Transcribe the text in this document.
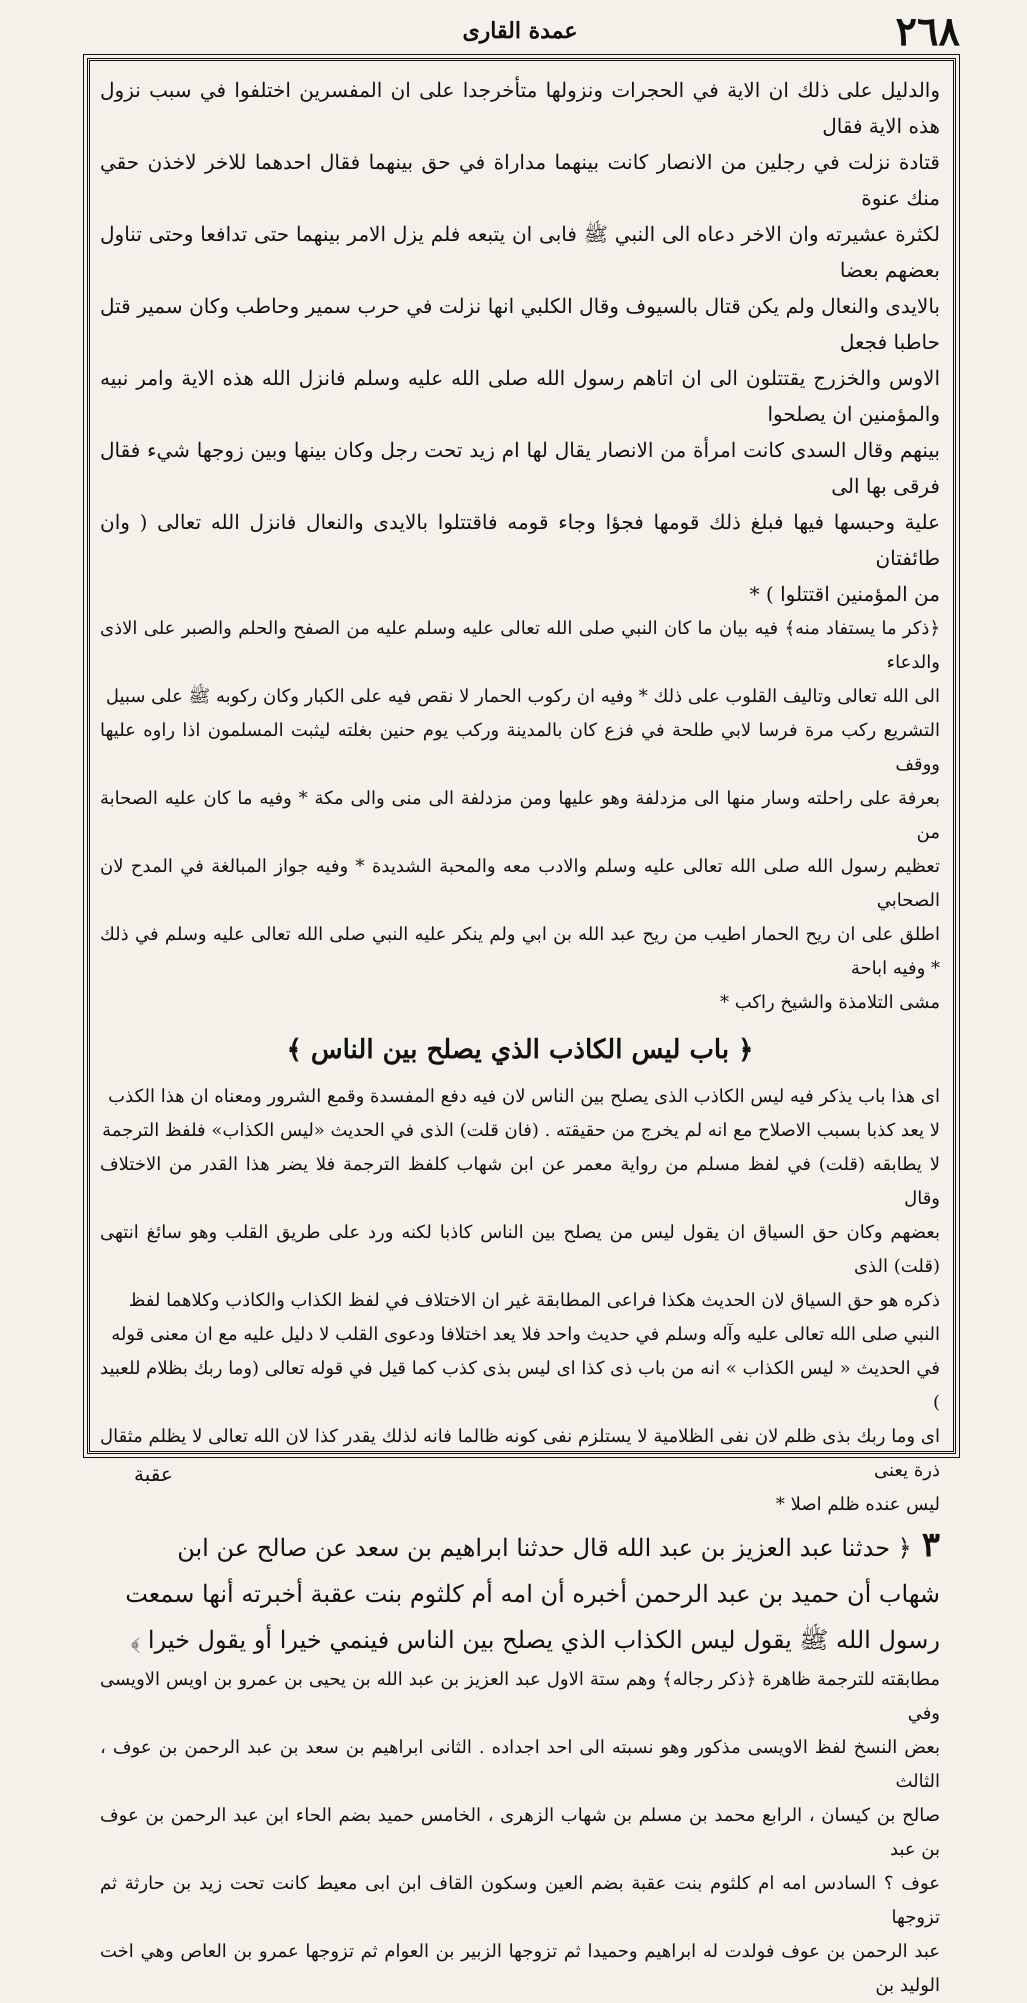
٢٦٨
عمدة القاری

والدليل على ذلك ان الاية في الحجرات ونزولها متأخرجدا على ان المفسرين اختلفوا في سبب نزول هذه الاية فقال

قتادة نزلت في رجلين من الانصار كانت بينهما مداراة في حق بينهما فقال احدهما للاخر لاخذن حقي منك عنوة

لكثرة عشيرته وان الاخر دعاه الى النبي ﷺ فابى ان يتبعه فلم يزل الامر بينهما حتى تدافعا وحتى تناول بعضهم بعضا

بالايدى والنعال ولم يكن قتال بالسيوف وقال الكلبي انها نزلت في حرب سمير وحاطب وكان سمير قتل حاطبا فجعل

الاوس والخزرج يقتتلون الى ان اتاهم رسول الله صلى الله عليه وسلم فانزل الله هذه الاية وامر نبيه والمؤمنين ان يصلحوا

بينهم وقال السدى كانت امرأة من الانصار يقال لها ام زيد تحت رجل وكان بينها وبين زوجها شيء فقال فرقى بها الى

علية وحبسها فيها فبلغ ذلك قومها فجؤا وجاء قومه فاقتتلوا بالايدى والنعال فانزل الله تعالى ( وان طائفتان

من المؤمنين اقتتلوا ) *

﴿ذكر ما يستفاد منه﴾ فيه بيان ما كان النبي صلى الله تعالى عليه وسلم عليه من الصفح والحلم والصبر على الاذى والدعاء

الى الله تعالى وتاليف القلوب على ذلك * وفيه ان ركوب الحمار لا نقص فيه على الكبار وكان ركوبه ﷺ على سبيل

التشريع ركب مرة فرسا لابي طلحة في فزع كان بالمدينة وركب يوم حنين بغلته ليثبت المسلمون اذا راوه عليها ووقف

بعرفة على راحلته وسار منها الى مزدلفة وهو عليها ومن مزدلفة الى منى والى مكة * وفيه ما كان عليه الصحابة من

تعظيم رسول الله صلى الله تعالى عليه وسلم والادب معه والمحبة الشديدة * وفيه جواز المبالغة في المدح لان الصحابي

اطلق على ان ريح الحمار اطيب من ريح عبد الله بن ابي ولم ينكر عليه النبي صلى الله تعالى عليه وسلم في ذلك * وفيه اباحة

مشى التلامذة والشيخ راكب *

﴿ باب ليس الكاذب الذي يصلح بين الناس ﴾

اى هذا باب يذكر فيه ليس الكاذب الذى يصلح بين الناس لان فيه دفع المفسدة وقمع الشرور ومعناه ان هذا الكذب

لا يعد كذبا بسبب الاصلاح مع انه لم يخرج من حقيقته . (فان قلت) الذى في الحديث «ليس الكذاب» فلفظ الترجمة

لا يطابقه (قلت) في لفظ مسلم من رواية معمر عن ابن شهاب كلفظ الترجمة فلا يضر هذا القدر من الاختلاف وقال

بعضهم وكان حق السياق ان يقول ليس من يصلح بين الناس كاذبا لكنه ورد على طريق القلب وهو سائغ انتهى (قلت) الذى

ذكره هو حق السياق لان الحديث هكذا فراعى المطابقة غير ان الاختلاف في لفظ الكذاب والكاذب وكلاهما لفظ

النبي صلى الله تعالى عليه وآله وسلم في حديث واحد فلا يعد اختلافا ودعوى القلب لا دليل عليه مع ان معنى قوله

في الحديث « ليس الكذاب » انه من باب ذى كذا اى ليس بذى كذب كما قيل في قوله تعالى (وما ربك بظلام للعبيد )

اى وما ربك بذى ظلم لان نفى الظلامية لا يستلزم نفى كونه ظالما فانه لذلك يقدر كذا لان الله تعالى لا يظلم مثقال ذرة يعنى

ليس عنده ظلم اصلا *

٣﴿ حدثنا عبد العزيز بن عبد الله قال حدثنا ابراهيم بن سعد عن صالح عن ابن

شهاب أن حميد بن عبد الرحمن أخبره أن امه أم كلثوم بنت عقبة أخبرته أنها سمعت

رسول الله ﷺ يقول ليس الكذاب الذي يصلح بين الناس فينمي خيرا أو يقول خيرا ﴾

مطابقته للترجمة ظاهرة ﴿ذكر رجاله﴾ وهم ستة الاول عبد العزيز بن عبد الله بن يحيى بن عمرو بن اويس الاويسى وفي

بعض النسخ لفظ الاويسى مذكور وهو نسبته الى احد اجداده . الثانى ابراهيم بن سعد بن عبد الرحمن بن عوف ، الثالث

صالح بن كيسان ، الرابع محمد بن مسلم بن شهاب الزهرى ، الخامس حميد بضم الحاء ابن عبد الرحمن بن عوف بن عبد

عوف ؟ السادس امه ام كلثوم بنت عقبة بضم العين وسكون القاف ابن ابى معيط كانت تحت زيد بن حارثة ثم تزوجها

عبد الرحمن بن عوف فولدت له ابراهيم وحميدا ثم تزوجها الزبير بن العوام ثم تزوجها عمرو بن العاص وهي اخت الوليد بن

عقبة
